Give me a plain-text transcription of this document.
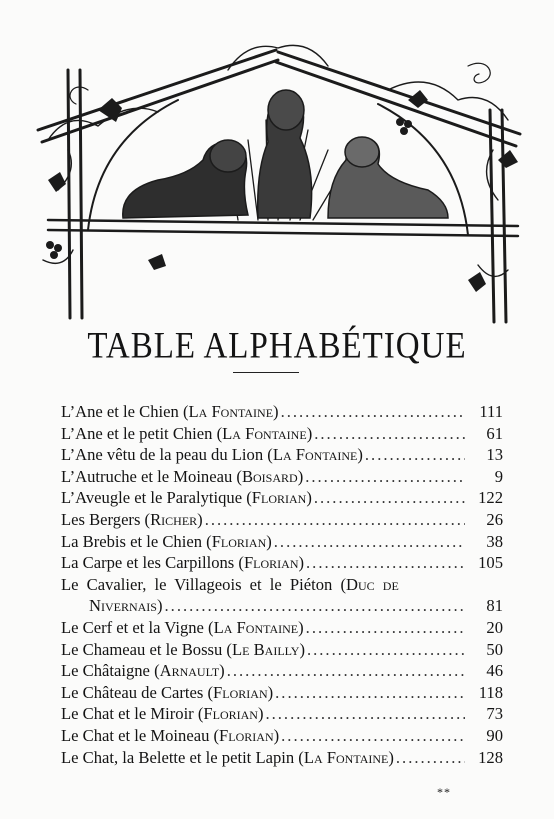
TABLE ALPHABÉTIQUE
L’Ane et le Chien (La Fontaine) .....	111
L’Ane et le petit Chien (La Fontaine) .....	61
L’Ane vêtu de la peau du Lion (La Fontaine) .....	13
L’Autruche et le Moineau (Boisard) .....	9
L’Aveugle et le Paralytique (Florian) .....	122
Les Bergers (Richer) .....	26
La Brebis et le Chien (Florian) .....	38
La Carpe et les Carpillons (Florian) .....	105
Le Cavalier, le Villageois et le Piéton (Duc de
Nivernais) .....	81
Le Cerf et et la Vigne (La Fontaine) .....	20
Le Chameau et le Bossu (Le Bailly) .....	50
Le Châtaigne (Arnault) .....	46
Le Château de Cartes (Florian) .....	118
Le Chat et le Miroir (Florian) .....	73
Le Chat et le Moineau (Florian) .....	90
Le Chat, la Belette et le petit Lapin (La Fontaine) .....	128
**
